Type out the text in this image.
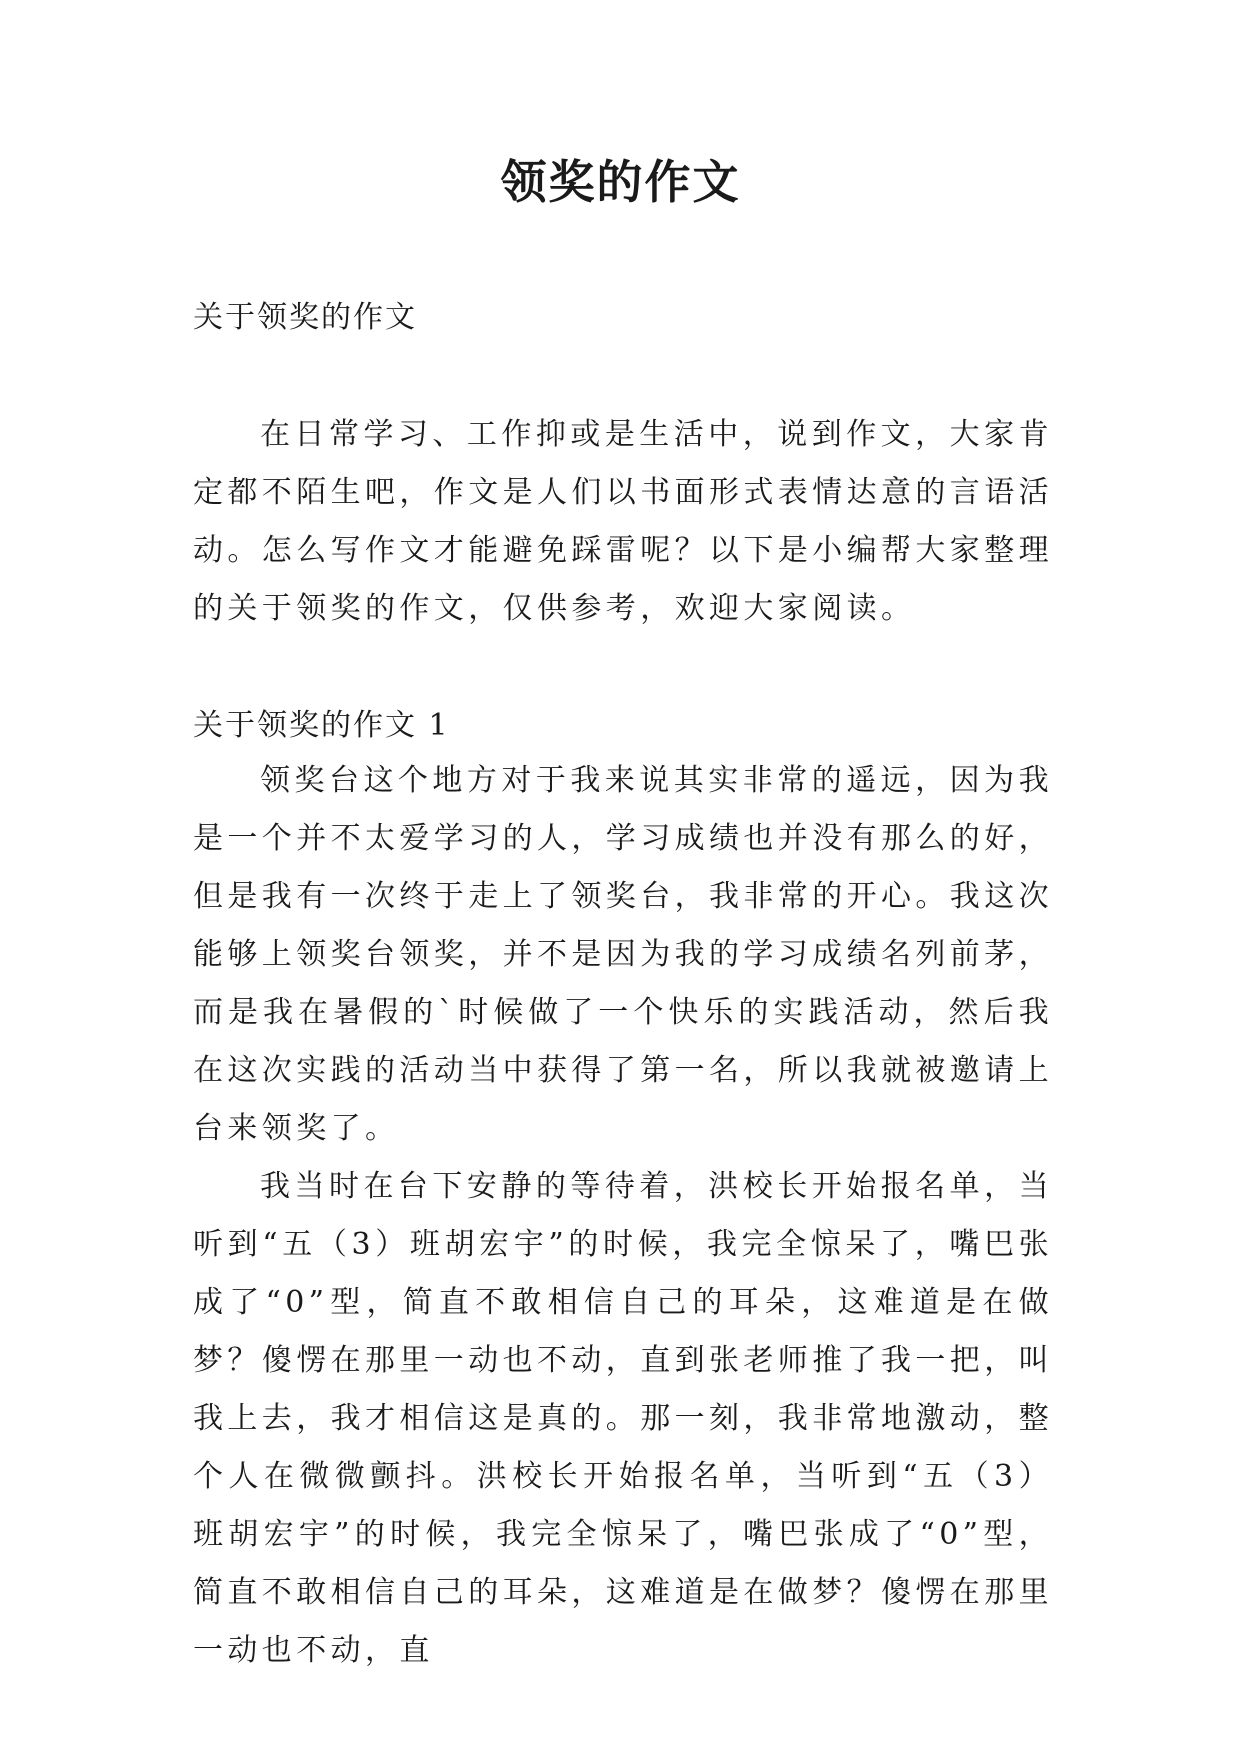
领奖的作文
关于领奖的作文

在日常学习、工作抑或是生活中，说到作文，大家肯定都不陌生吧，作文是人们以书面形式表情达意的言语活动。怎么写作文才能避免踩雷呢？以下是小编帮大家整理的关于领奖的作文，仅供参考，欢迎大家阅读。

关于领奖的作文 1

领奖台这个地方对于我来说其实非常的遥远，因为我是一个并不太爱学习的人，学习成绩也并没有那么的好，但是我有一次终于走上了领奖台，我非常的开心。我这次能够上领奖台领奖，并不是因为我的学习成绩名列前茅，而是我在暑假的`时候做了一个快乐的实践活动，然后我在这次实践的活动当中获得了第一名，所以我就被邀请上台来领奖了。

我当时在台下安静的等待着，洪校长开始报名单，当听到“五（3）班胡宏宇”的时候，我完全惊呆了，嘴巴张成了“0”型，简直不敢相信自己的耳朵，这难道是在做梦？傻愣在那里一动也不动，直到张老师推了我一把，叫我上去，我才相信这是真的。那一刻，我非常地激动，整个人在微微颤抖。洪校长开始报名单，当听到“五（3）班胡宏宇”的时候，我完全惊呆了，嘴巴张成了“0”型，简直不敢相信自己的耳朵，这难道是在做梦？傻愣在那里一动也不动，直
